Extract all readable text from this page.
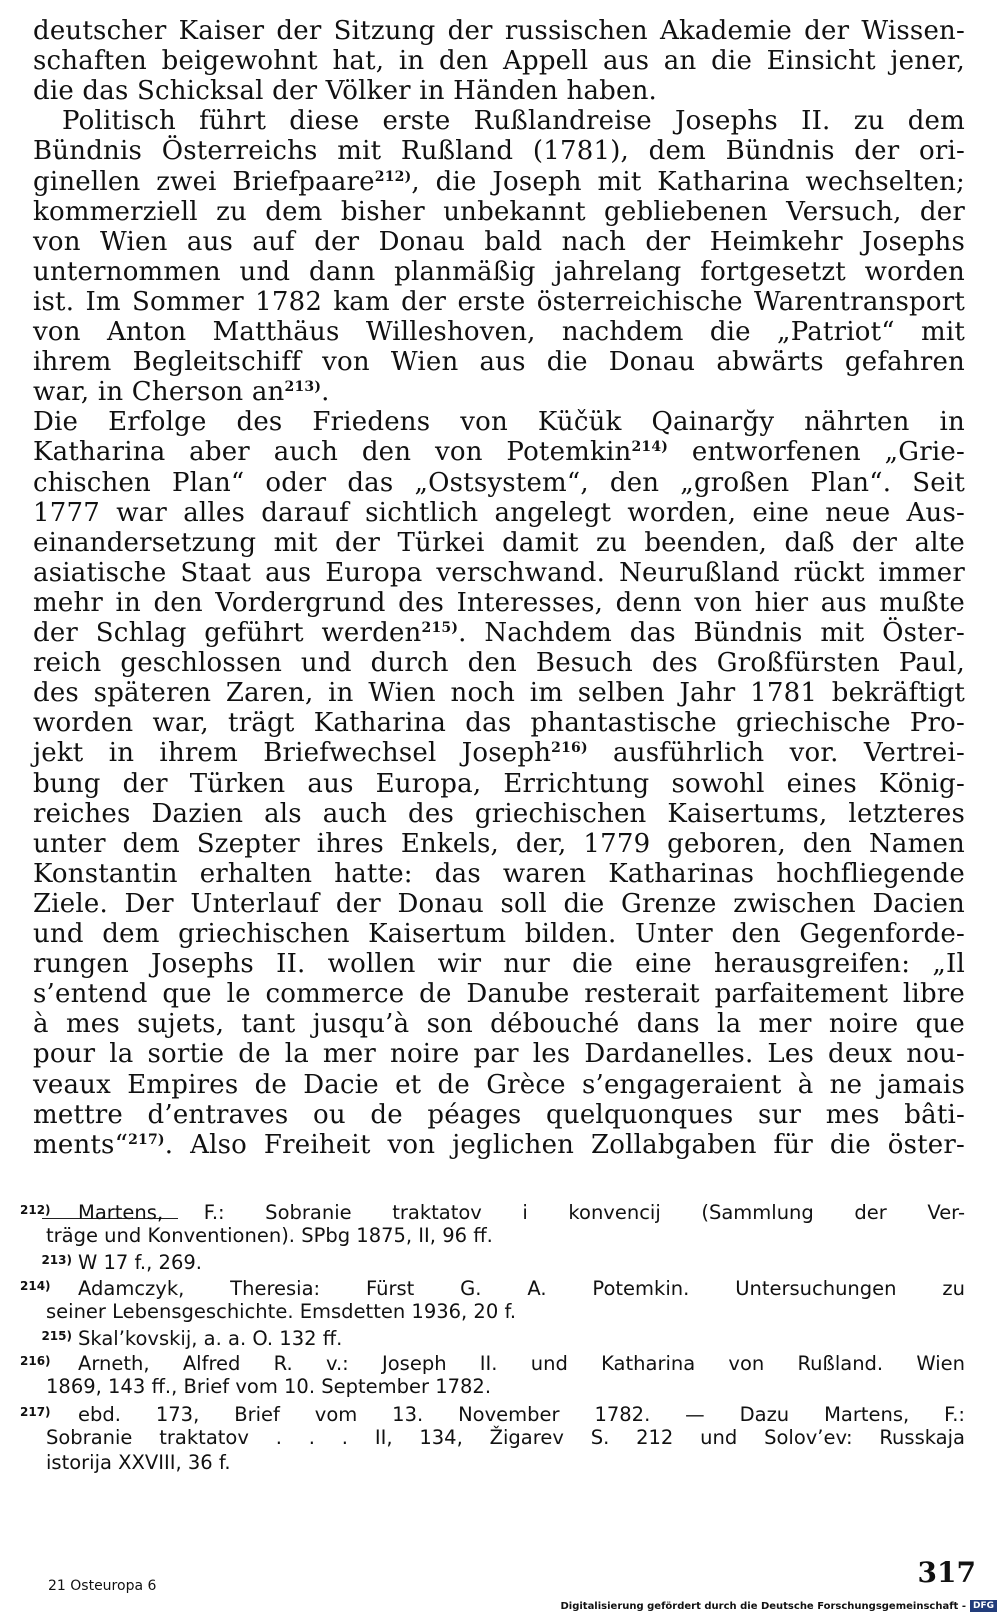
deutscher Kaiser der Sitzung der russischen Akademie der Wissen-
schaften beigewohnt hat, in den Appell aus an die Einsicht jener,
die das Schicksal der Völker in Händen haben.
Politisch führt diese erste Rußlandreise Josephs II. zu dem
Bündnis Österreichs mit Rußland (1781), dem Bündnis der ori-
ginellen zwei Briefpaare$^{212)}$, die Joseph mit Katharina wechselten;
kommerziell zu dem bisher unbekannt gebliebenen Versuch, der
von Wien aus auf der Donau bald nach der Heimkehr Josephs
unternommen und dann planmäßig jahrelang fortgesetzt worden
ist. Im Sommer 1782 kam der erste österreichische Warentransport
von Anton Matthäus Willeshoven, nachdem die „Patriot“ mit
ihrem Begleitschiff von Wien aus die Donau abwärts gefahren
war, in Cherson an$^{213)}$.
Die Erfolge des Friedens von Küčük Qainarğy nährten in
Katharina aber auch den von Potemkin$^{214)}$ entworfenen „Grie-
chischen Plan“ oder das „Ostsystem“, den „großen Plan“. Seit
1777 war alles darauf sichtlich angelegt worden, eine neue Aus-
einandersetzung mit der Türkei damit zu beenden, daß der alte
asiatische Staat aus Europa verschwand. Neurußland rückt immer
mehr in den Vordergrund des Interesses, denn von hier aus mußte
der Schlag geführt werden$^{215)}$. Nachdem das Bündnis mit Öster-
reich geschlossen und durch den Besuch des Großfürsten Paul,
des späteren Zaren, in Wien noch im selben Jahr 1781 bekräftigt
worden war, trägt Katharina das phantastische griechische Pro-
jekt in ihrem Briefwechsel Joseph$^{216)}$ ausführlich vor. Vertrei-
bung der Türken aus Europa, Errichtung sowohl eines König-
reiches Dazien als auch des griechischen Kaisertums, letzteres
unter dem Szepter ihres Enkels, der, 1779 geboren, den Namen
Konstantin erhalten hatte: das waren Katharinas hochfliegende
Ziele. Der Unterlauf der Donau soll die Grenze zwischen Dacien
und dem griechischen Kaisertum bilden. Unter den Gegenforde-
rungen Josephs II. wollen wir nur die eine herausgreifen: „Il
s’entend que le commerce de Danube resterait parfaitement libre
à mes sujets, tant jusqu’à son débouché dans la mer noire que
pour la sortie de la mer noire par les Dardanelles. Les deux nou-
veaux Empires de Dacie et de Grèce s’engageraient à ne jamais
mettre d’entraves ou de péages quelquonques sur mes bâti-
ments“$^{217)}$. Also Freiheit von jeglichen Zollabgaben für die öster-
212) Martens, F.: Sobranie traktatov i konvencij (Sammlung der Ver-
träge und Konventionen). SPbg 1875, II, 96 ff.
213) W 17 f., 269.
214) Adamczyk, Theresia: Fürst G. A. Potemkin. Untersuchungen zu
seiner Lebensgeschichte. Emsdetten 1936, 20 f.
215) Skal’kovskij, a. a. O. 132 ff.
216) Arneth, Alfred R. v.: Joseph II. und Katharina von Rußland. Wien
1869, 143 ff., Brief vom 10. September 1782.
217) ebd. 173, Brief vom 13. November 1782. — Dazu Martens, F.:
Sobranie traktatov . . . II, 134, Žigarev S. 212 und Solov’ev: Russkaja
istorija XXVIII, 36 f.
317
21 Osteuropa 6
Digitalisierung gefördert durch die Deutsche Forschungsgemeinschaft - DFG
